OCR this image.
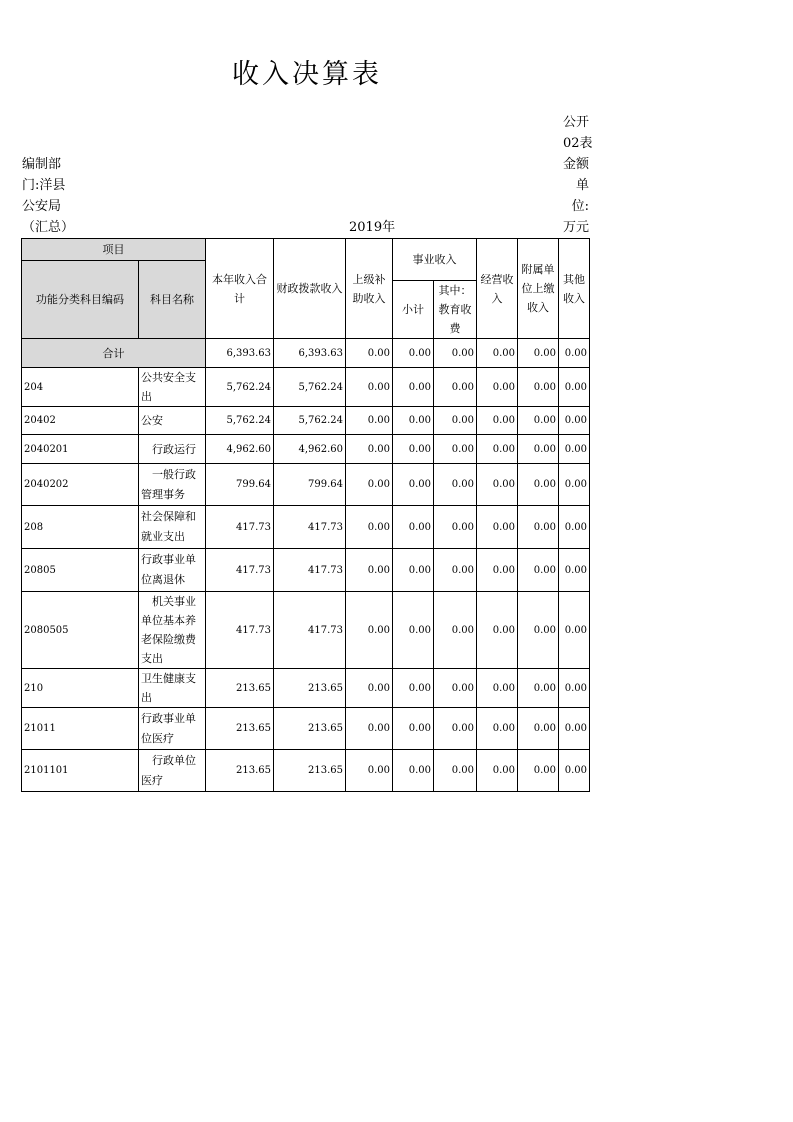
收入决算表
编制部
门:洋县
公安局
（汇总）	2019年
公开
02表
金额
单
位:
万元
项目		本年收入合计	财政拨款收入	上级补助收入	事业收入		经营收入	附属单位上缴收入	其他收入
功能分类科目编码	科目名称								
					小计	其中：教育收费			
合计		6,393.63	6,393.63	0.00	0.00	0.00	0.00	0.00	0.00
204	公共安全支出	5,762.24	5,762.24	0.00	0.00	0.00	0.00	0.00	0.00
20402	公安	5,762.24	5,762.24	0.00	0.00	0.00	0.00	0.00	0.00
2040201	行政运行	4,962.60	4,962.60	0.00	0.00	0.00	0.00	0.00	0.00
2040202	一般行政管理事务	799.64	799.64	0.00	0.00	0.00	0.00	0.00	0.00
208	社会保障和就业支出	417.73	417.73	0.00	0.00	0.00	0.00	0.00	0.00
20805	行政事业单位离退休	417.73	417.73	0.00	0.00	0.00	0.00	0.00	0.00
2080505	机关事业单位基本养老保险缴费支出	417.73	417.73	0.00	0.00	0.00	0.00	0.00	0.00
210	卫生健康支出	213.65	213.65	0.00	0.00	0.00	0.00	0.00	0.00
21011	行政事业单位医疗	213.65	213.65	0.00	0.00	0.00	0.00	0.00	0.00
2101101	行政单位医疗	213.65	213.65	0.00	0.00	0.00	0.00	0.00	0.00
